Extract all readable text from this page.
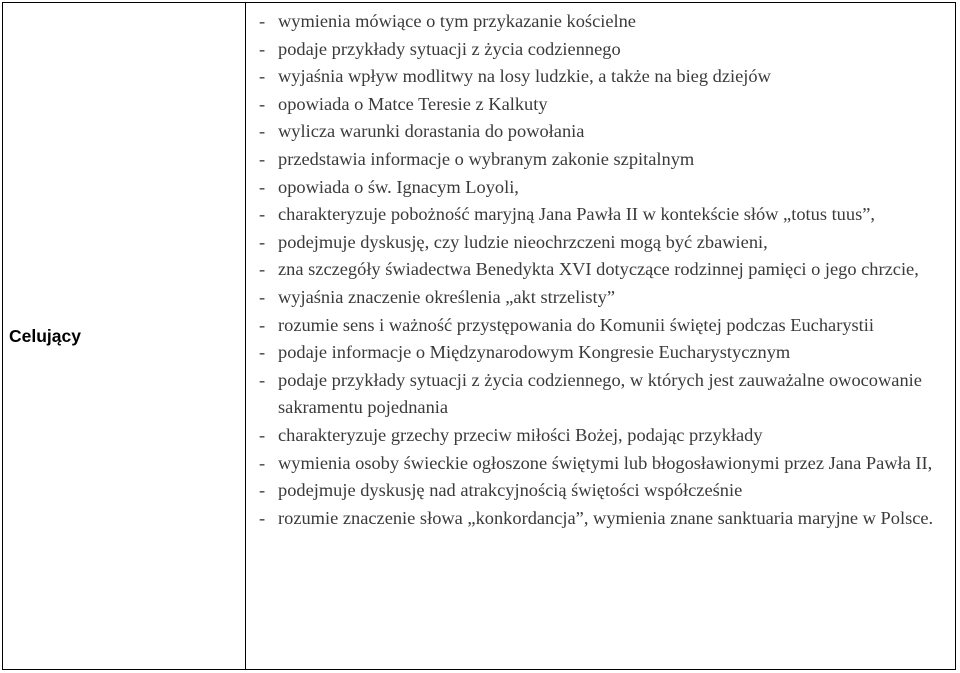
Celujący	
- wymienia mówiące o tym przykazanie kościelne
- podaje przykłady sytuacji z życia codziennego
- wyjaśnia wpływ modlitwy na losy ludzkie, a także na bieg dziejów
- opowiada o Matce Teresie z Kalkuty
- wylicza warunki dorastania do powołania
- przedstawia informacje o wybranym zakonie szpitalnym
- opowiada o św. Ignacym Loyoli,
- charakteryzuje pobożność maryjną Jana Pawła II w kontekście słów „totus tuus”,
- podejmuje dyskusję, czy ludzie nieochrzczeni mogą być zbawieni,
- zna szczegóły świadectwa Benedykta XVI dotyczące rodzinnej pamięci o jego chrzcie,
- wyjaśnia znaczenie określenia „akt strzelisty”
- rozumie sens i ważność przystępowania do Komunii świętej podczas Eucharystii
- podaje informacje o Międzynarodowym Kongresie Eucharystycznym
- podaje przykłady sytuacji z życia codziennego, w których jest zauważalne owocowanie sakramentu pojednania
- charakteryzuje grzechy przeciw miłości Bożej, podając przykłady
- wymienia osoby świeckie ogłoszone świętymi lub błogosławionymi przez Jana Pawła II,
- podejmuje dyskusję nad atrakcyjnością świętości współcześnie
- rozumie znaczenie słowa „konkordancja”, wymienia znane sanktuaria maryjne w Polsce.
